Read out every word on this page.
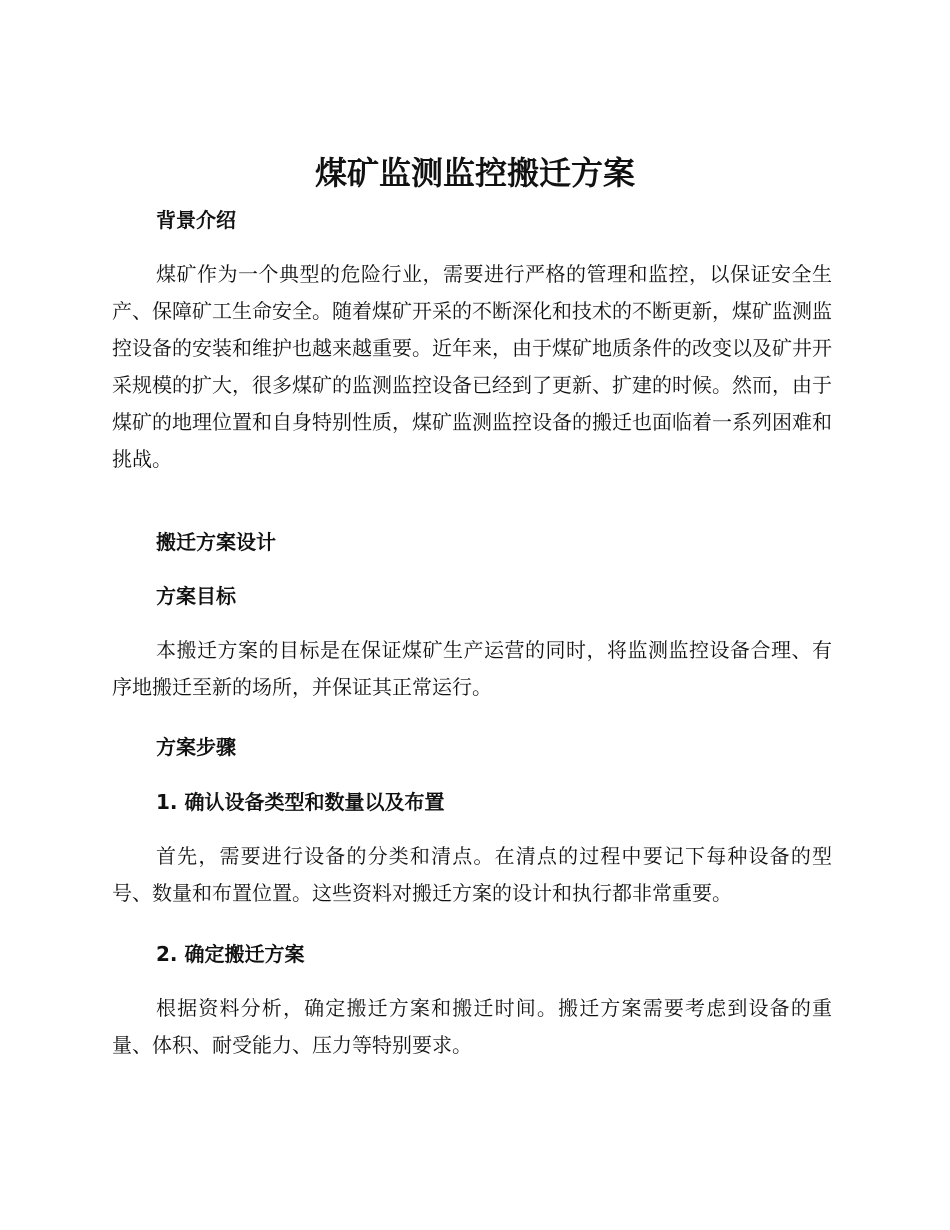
煤矿监测监控搬迁方案
背景介绍

煤矿作为一个典型的危险行业，需要进行严格的管理和监控，以保证安全生产、保障矿工生命安全。随着煤矿开采的不断深化和技术的不断更新，煤矿监测监控设备的安装和维护也越来越重要。近年来，由于煤矿地质条件的改变以及矿井开采规模的扩大，很多煤矿的监测监控设备已经到了更新、扩建的时候。然而，由于煤矿的地理位置和自身特别性质，煤矿监测监控设备的搬迁也面临着一系列困难和挑战。

搬迁方案设计
方案目标

本搬迁方案的目标是在保证煤矿生产运营的同时，将监测监控设备合理、有序地搬迁至新的场所，并保证其正常运行。

方案步骤
1. 确认设备类型和数量以及布置

首先，需要进行设备的分类和清点。在清点的过程中要记下每种设备的型号、数量和布置位置。这些资料对搬迁方案的设计和执行都非常重要。

2. 确定搬迁方案

根据资料分析，确定搬迁方案和搬迁时间。搬迁方案需要考虑到设备的重量、体积、耐受能力、压力等特别要求。
